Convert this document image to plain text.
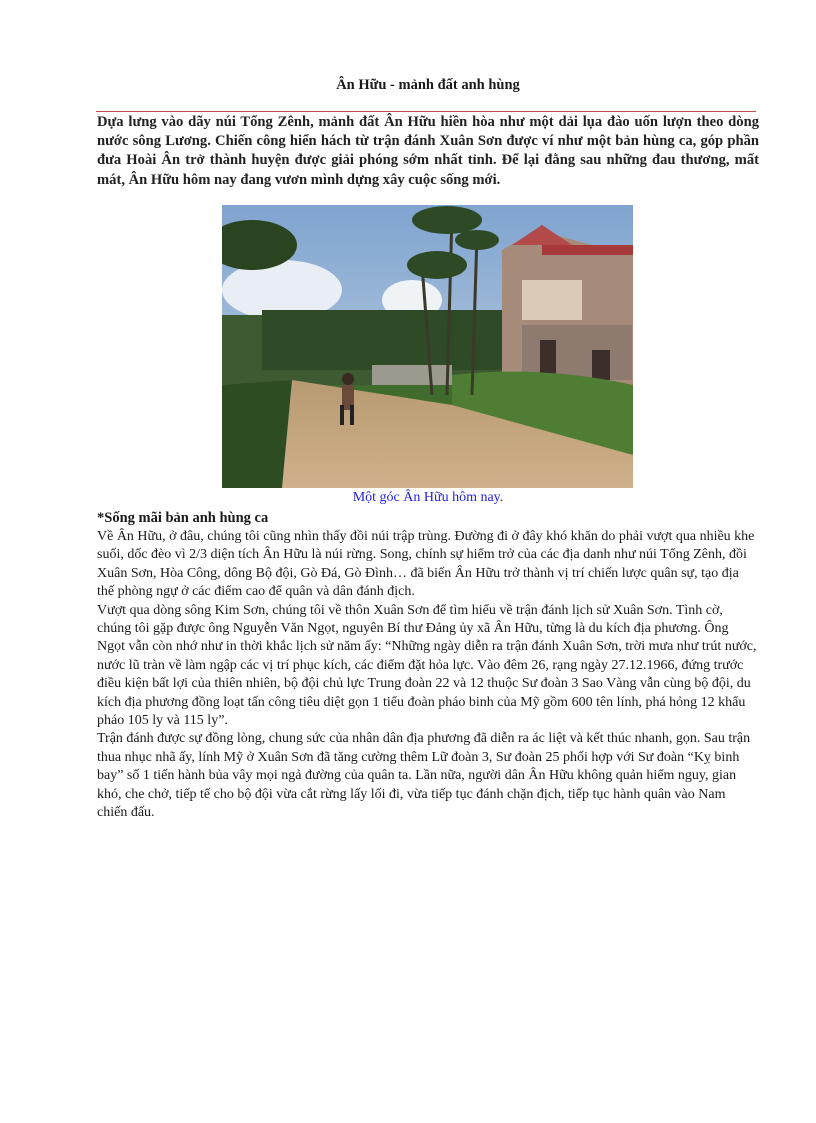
Ân Hữu - mảnh đất anh hùng
Dựa lưng vào dãy núi Tổng Zênh, mảnh đất Ân Hữu hiền hòa như một dải lụa đào uốn lượn theo dòng nước sông Lương. Chiến công hiển hách từ trận đánh Xuân Sơn được ví như một bản hùng ca, góp phần đưa Hoài Ân trở thành huyện được giải phóng sớm nhất tỉnh. Để lại đằng sau những đau thương, mất mát, Ân Hữu hôm nay đang vươn mình dựng xây cuộc sống mới.
Một góc Ân Hữu hôm nay.
*Sống mãi bản anh hùng ca

Về Ân Hữu, ở đâu, chúng tôi cũng nhìn thấy đồi núi trập trùng. Đường đi ở đây khó khăn do phải vượt qua nhiều khe suối, dốc đèo vì 2/3 diện tích Ân Hữu là núi rừng. Song, chính sự hiểm trở của các địa danh như núi Tổng Zênh, đồi Xuân Sơn, Hòa Công, dông Bộ đội, Gò Đá, Gò Đình… đã biến Ân Hữu trở thành vị trí chiến lược quân sự, tạo địa thế phòng ngự ở các điểm cao để quân và dân đánh địch.

Vượt qua dòng sông Kim Sơn, chúng tôi về thôn Xuân Sơn để tìm hiểu về trận đánh lịch sử Xuân Sơn. Tình cờ, chúng tôi gặp được ông Nguyễn Văn Ngọt, nguyên Bí thư Đảng ủy xã Ân Hữu, từng là du kích địa phương. Ông Ngọt vẫn còn nhớ như in thời khắc lịch sử năm ấy: “Những ngày diễn ra trận đánh Xuân Sơn, trời mưa như trút nước, nước lũ tràn về làm ngập các vị trí phục kích, các điểm đặt hỏa lực. Vào đêm 26, rạng ngày 27.12.1966, đứng trước điều kiện bất lợi của thiên nhiên, bộ đội chủ lực Trung đoàn 22 và 12 thuộc Sư đoàn 3 Sao Vàng vẫn cùng bộ đội, du kích địa phương đồng loạt tấn công tiêu diệt gọn 1 tiểu đoàn pháo binh của Mỹ gồm 600 tên lính, phá hỏng 12 khẩu pháo 105 ly và 115 ly”.

Trận đánh được sự đồng lòng, chung sức của nhân dân địa phương đã diễn ra ác liệt và kết thúc nhanh, gọn. Sau trận thua nhục nhã ấy, lính Mỹ ở Xuân Sơn đã tăng cường thêm Lữ đoàn 3, Sư đoàn 25 phối hợp với Sư đoàn “Kỵ binh bay” số 1 tiến hành bủa vây mọi ngả đường của quân ta. Lần nữa, người dân Ân Hữu không quản hiểm nguy, gian khó, che chở, tiếp tế cho bộ đội vừa cắt rừng lấy lối đi, vừa tiếp tục đánh chặn địch, tiếp tục hành quân vào Nam chiến đấu.
